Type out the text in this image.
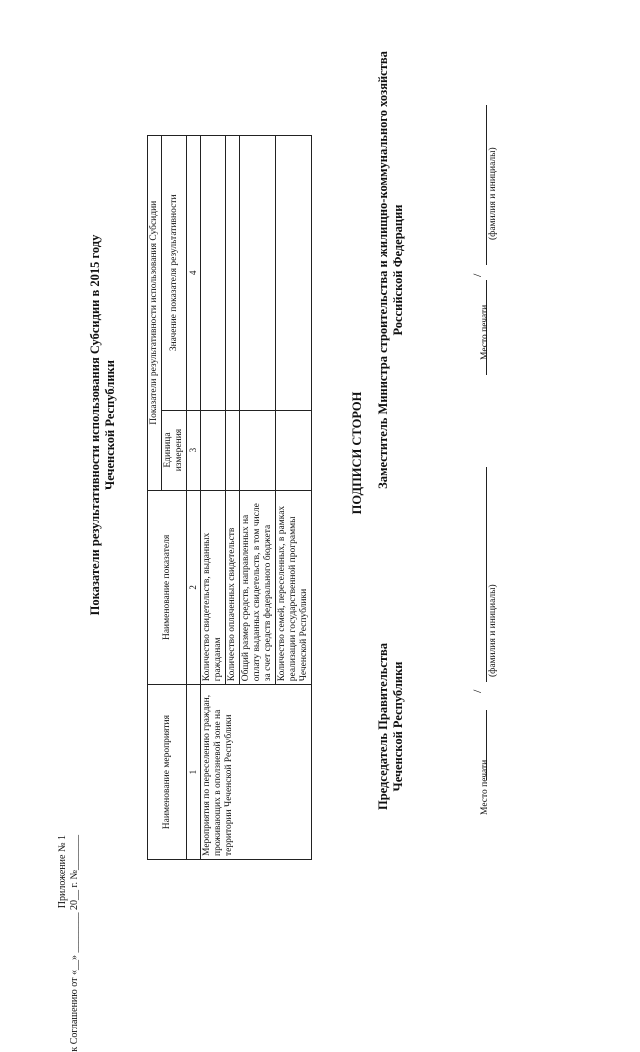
Приложение № 1 к Соглашению от «__» ________ 20__ г. №_______
Показатели результативности использования Субсидии в 2015 году Чеченской Республики
Наименование мероприятия	Наименование показателя	Показатели результативности использования Субсидии	
		Единица измерения	Значение показателя результативности
1	2	3	4
Мероприятия по переселению граждан, проживающих в оползневой зоне на территории Чеченской Республики	Количество свидетельств, выданных гражданам		
	Количество оплаченных свидетельств		
	Общий размер средств, направленных на оплату выданных свидетельств, в том числе за счет средств федерального бюджета		
	Количество семей, переселенных, в рамках реализации государственной программы Чеченской Республики		
ПОДПИСИ СТОРОН
Председатель Правительства Чеченской Республики
Заместитель Министра строительства и жилищно-коммунального хозяйства Российской Федерации
/
(фамилия и инициалы)
Место печати
/
(фамилия и инициалы)
Место печати
